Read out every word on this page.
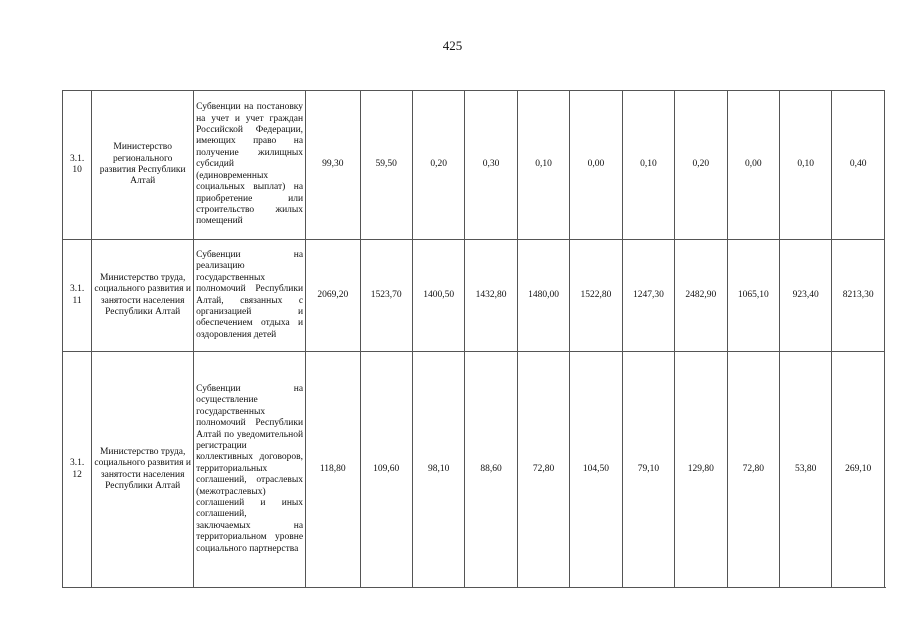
425
3.1.
10	Министерство регионального развития Республики Алтай	Субвенции на постановку на учет и учет граждан Российской Федерации, имеющих право на получение жилищных субсидий (единовременных социальных выплат) на приобретение или строительство жилых помещений	99,30	59,50	0,20	0,30	0,10	0,00	0,10	0,20	0,00	0,10	0,40
3.1.
11	Министерство труда, социального развития и занятости населения Республики Алтай	Субвенции на реализацию государственных полномочий Республики Алтай, связанных с организацией и обеспечением отдыха и оздоровления детей	2069,20	1523,70	1400,50	1432,80	1480,00	1522,80	1247,30	2482,90	1065,10	923,40	8213,30
3.1.
12	Министерство труда, социального развития и занятости населения Республики Алтай	Субвенции на осуществление государственных полномочий Республики Алтай по уведомительной регистрации коллективных договоров, территориальных соглашений, отраслевых (межотраслевых) соглашений и иных соглашений, заключаемых на территориальном уровне социального партнерства	118,80	109,60	98,10	88,60	72,80	104,50	79,10	129,80	72,80	53,80	269,10
